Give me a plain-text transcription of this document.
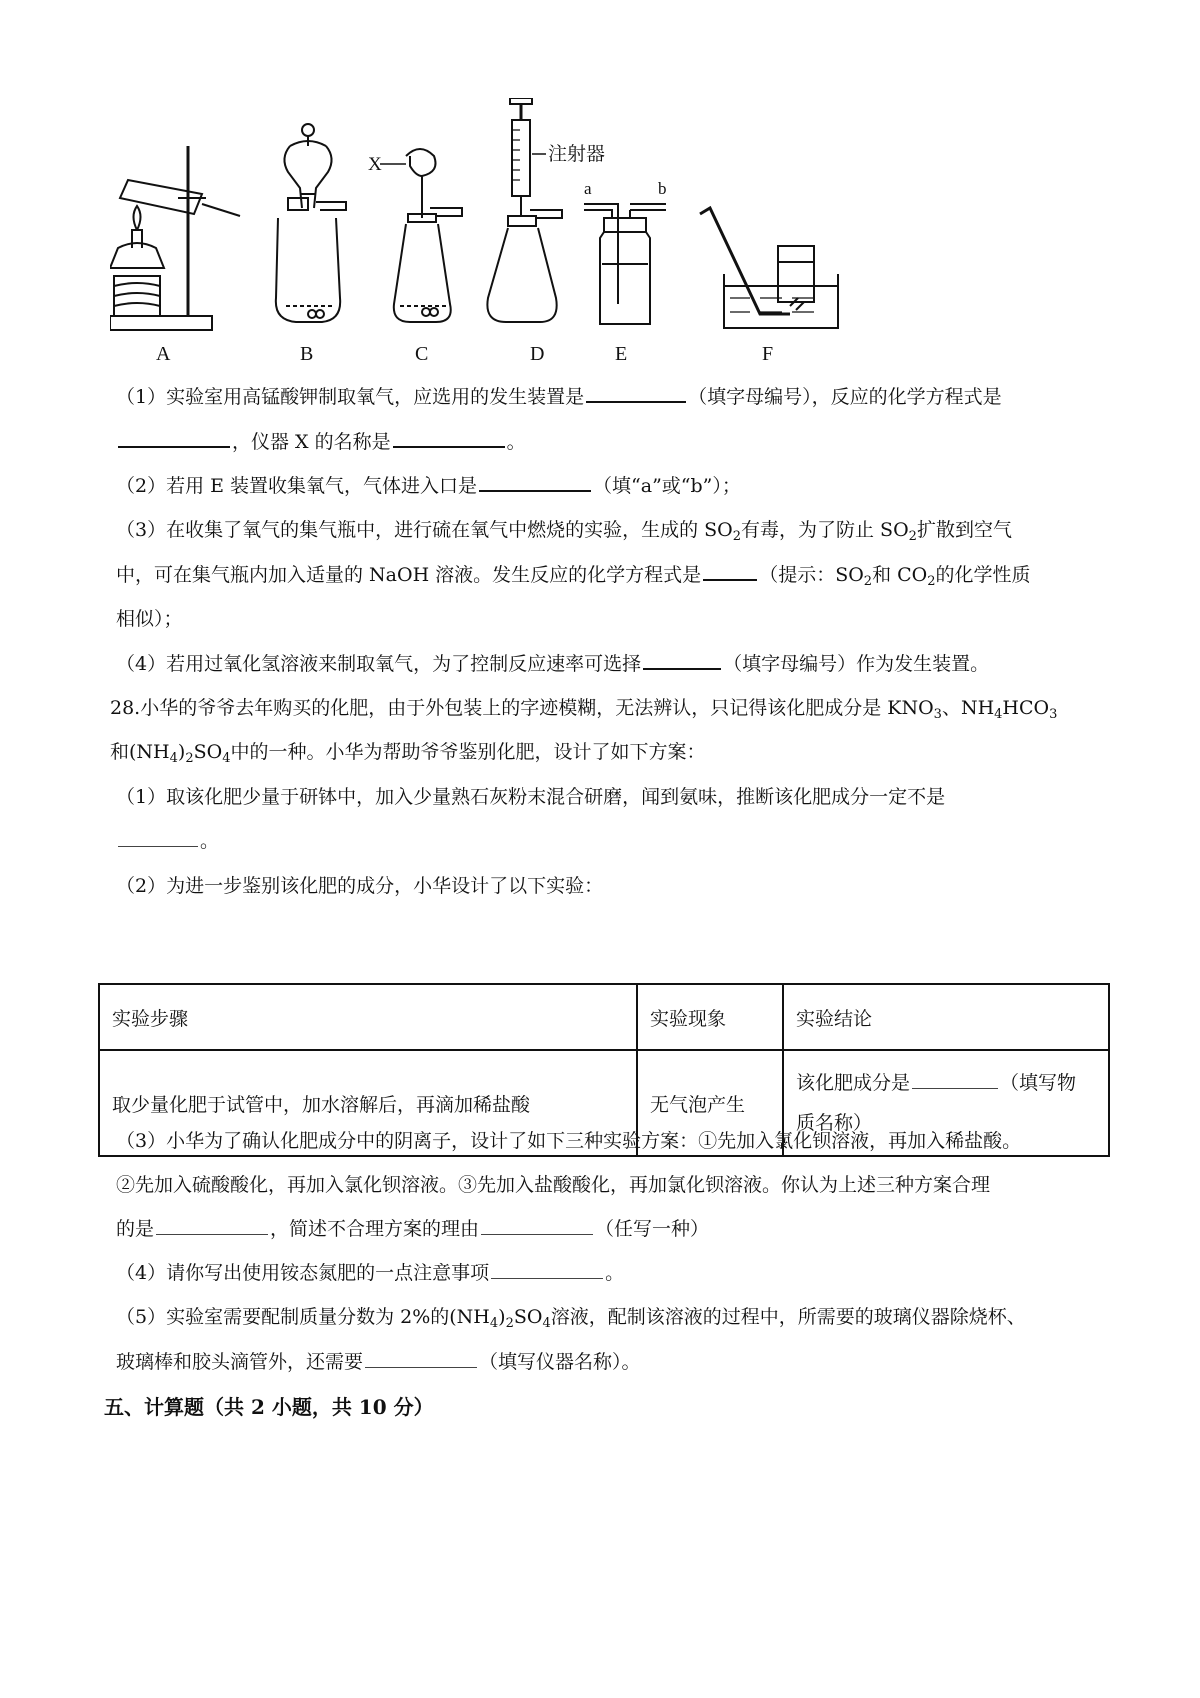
A	B
X
C
注射器
D
a	b
E	F
（1）实验室用高锰酸钾制取氧气，应选用的发生装置是	（填字母编号），反应的化学方程式是
，仪器 X 的名称是	。
（2）若用 E 装置收集氧气，气体进入口是	（填“a”或“b”）；
（3）在收集了氧气的集气瓶中，进行硫在氧气中燃烧的实验，生成的 $SO_2$有毒，为了防止 $SO_2$扩散到空气
中，可在集气瓶内加入适量的 NaOH 溶液。发生反应的化学方程式是	（提示：$SO_2$和 $CO_2$的化学性质
相似）；
（4）若用过氧化氢溶液来制取氧气，为了控制反应速率可选择	（填字母编号）作为发生装置。
28.小华的爷爷去年购买的化肥，由于外包装上的字迹模糊，无法辨认，只记得该化肥成分是 $KNO_3$、$NH_4HCO_3$
和$(NH_4)_2SO_4$中的一种。小华为帮助爷爷鉴别化肥，设计了如下方案：
（1）取该化肥少量于研钵中，加入少量熟石灰粉末混合研磨，闻到氨味，推断该化肥成分一定不是
。
（2）为进一步鉴别该化肥的成分，小华设计了以下实验：
实验步骤	实验现象	实验结论
取少量化肥于试管中，加水溶解后，再滴加稀盐酸	无气泡产生	该化肥成分是 （填写物
质名称）
（3）小华为了确认化肥成分中的阴离子，设计了如下三种实验方案：①先加入氯化钡溶液，再加入稀盐酸。
②先加入硫酸酸化，再加入氯化钡溶液。③先加入盐酸酸化，再加氯化钡溶液。你认为上述三种方案合理
的是	，简述不合理方案的理由	（任写一种）
（4）请你写出使用铵态氮肥的一点注意事项	。
（5）实验室需要配制质量分数为 2%的$(NH_4)_2SO_4$溶液，配制该溶液的过程中，所需要的玻璃仪器除烧杯、
玻璃棒和胶头滴管外，还需要	（填写仪器名称）。
五、计算题（共 2 小题，共 10 分）
